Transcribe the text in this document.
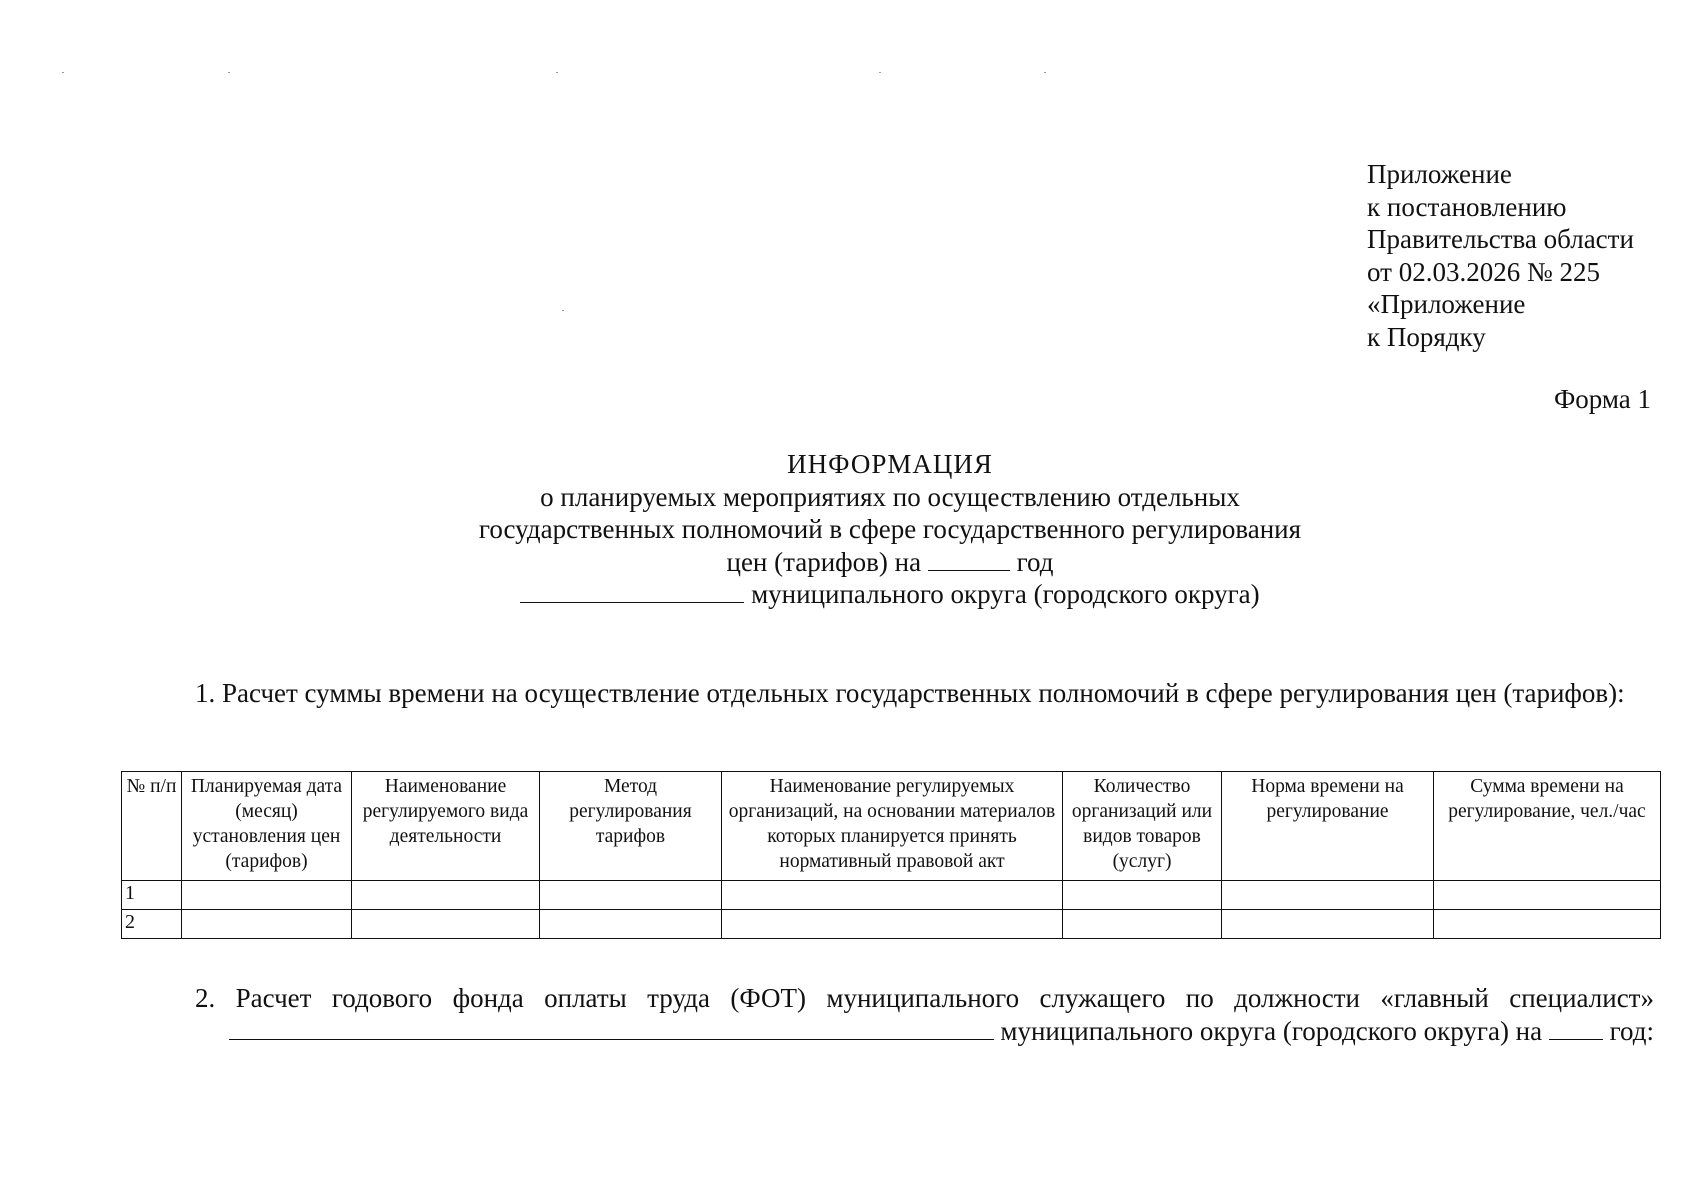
Приложение
к постановлению
Правительства области
от 02.03.2026 № 225
«Приложение
к Порядку
Форма 1
ИНФОРМАЦИЯ
о планируемых мероприятиях по осуществлению отдельных
государственных полномочий в сфере государственного регулирования
цен (тарифов) на	год
муниципального округа (городского округа)
1. Расчет суммы времени на осуществление отдельных государственных полномочий в сфере регулирования цен (тарифов):
№ п/п	Планируемая дата (месяц) установления цен (тарифов)	Наименование регулируемого вида деятельности	Метод регулирования тарифов	Наименование регулируемых организаций, на основании материалов которых планируется принять нормативный правовой акт	Количество организаций или видов товаров (услуг)	Норма времени на регулирование	Сумма времени на регулирование, чел./час
1							
2							
2. Расчет годового фонда оплаты труда (ФОТ) муниципального служащего по должности «главный специалист»
муниципального округа (городского округа) на	год:
